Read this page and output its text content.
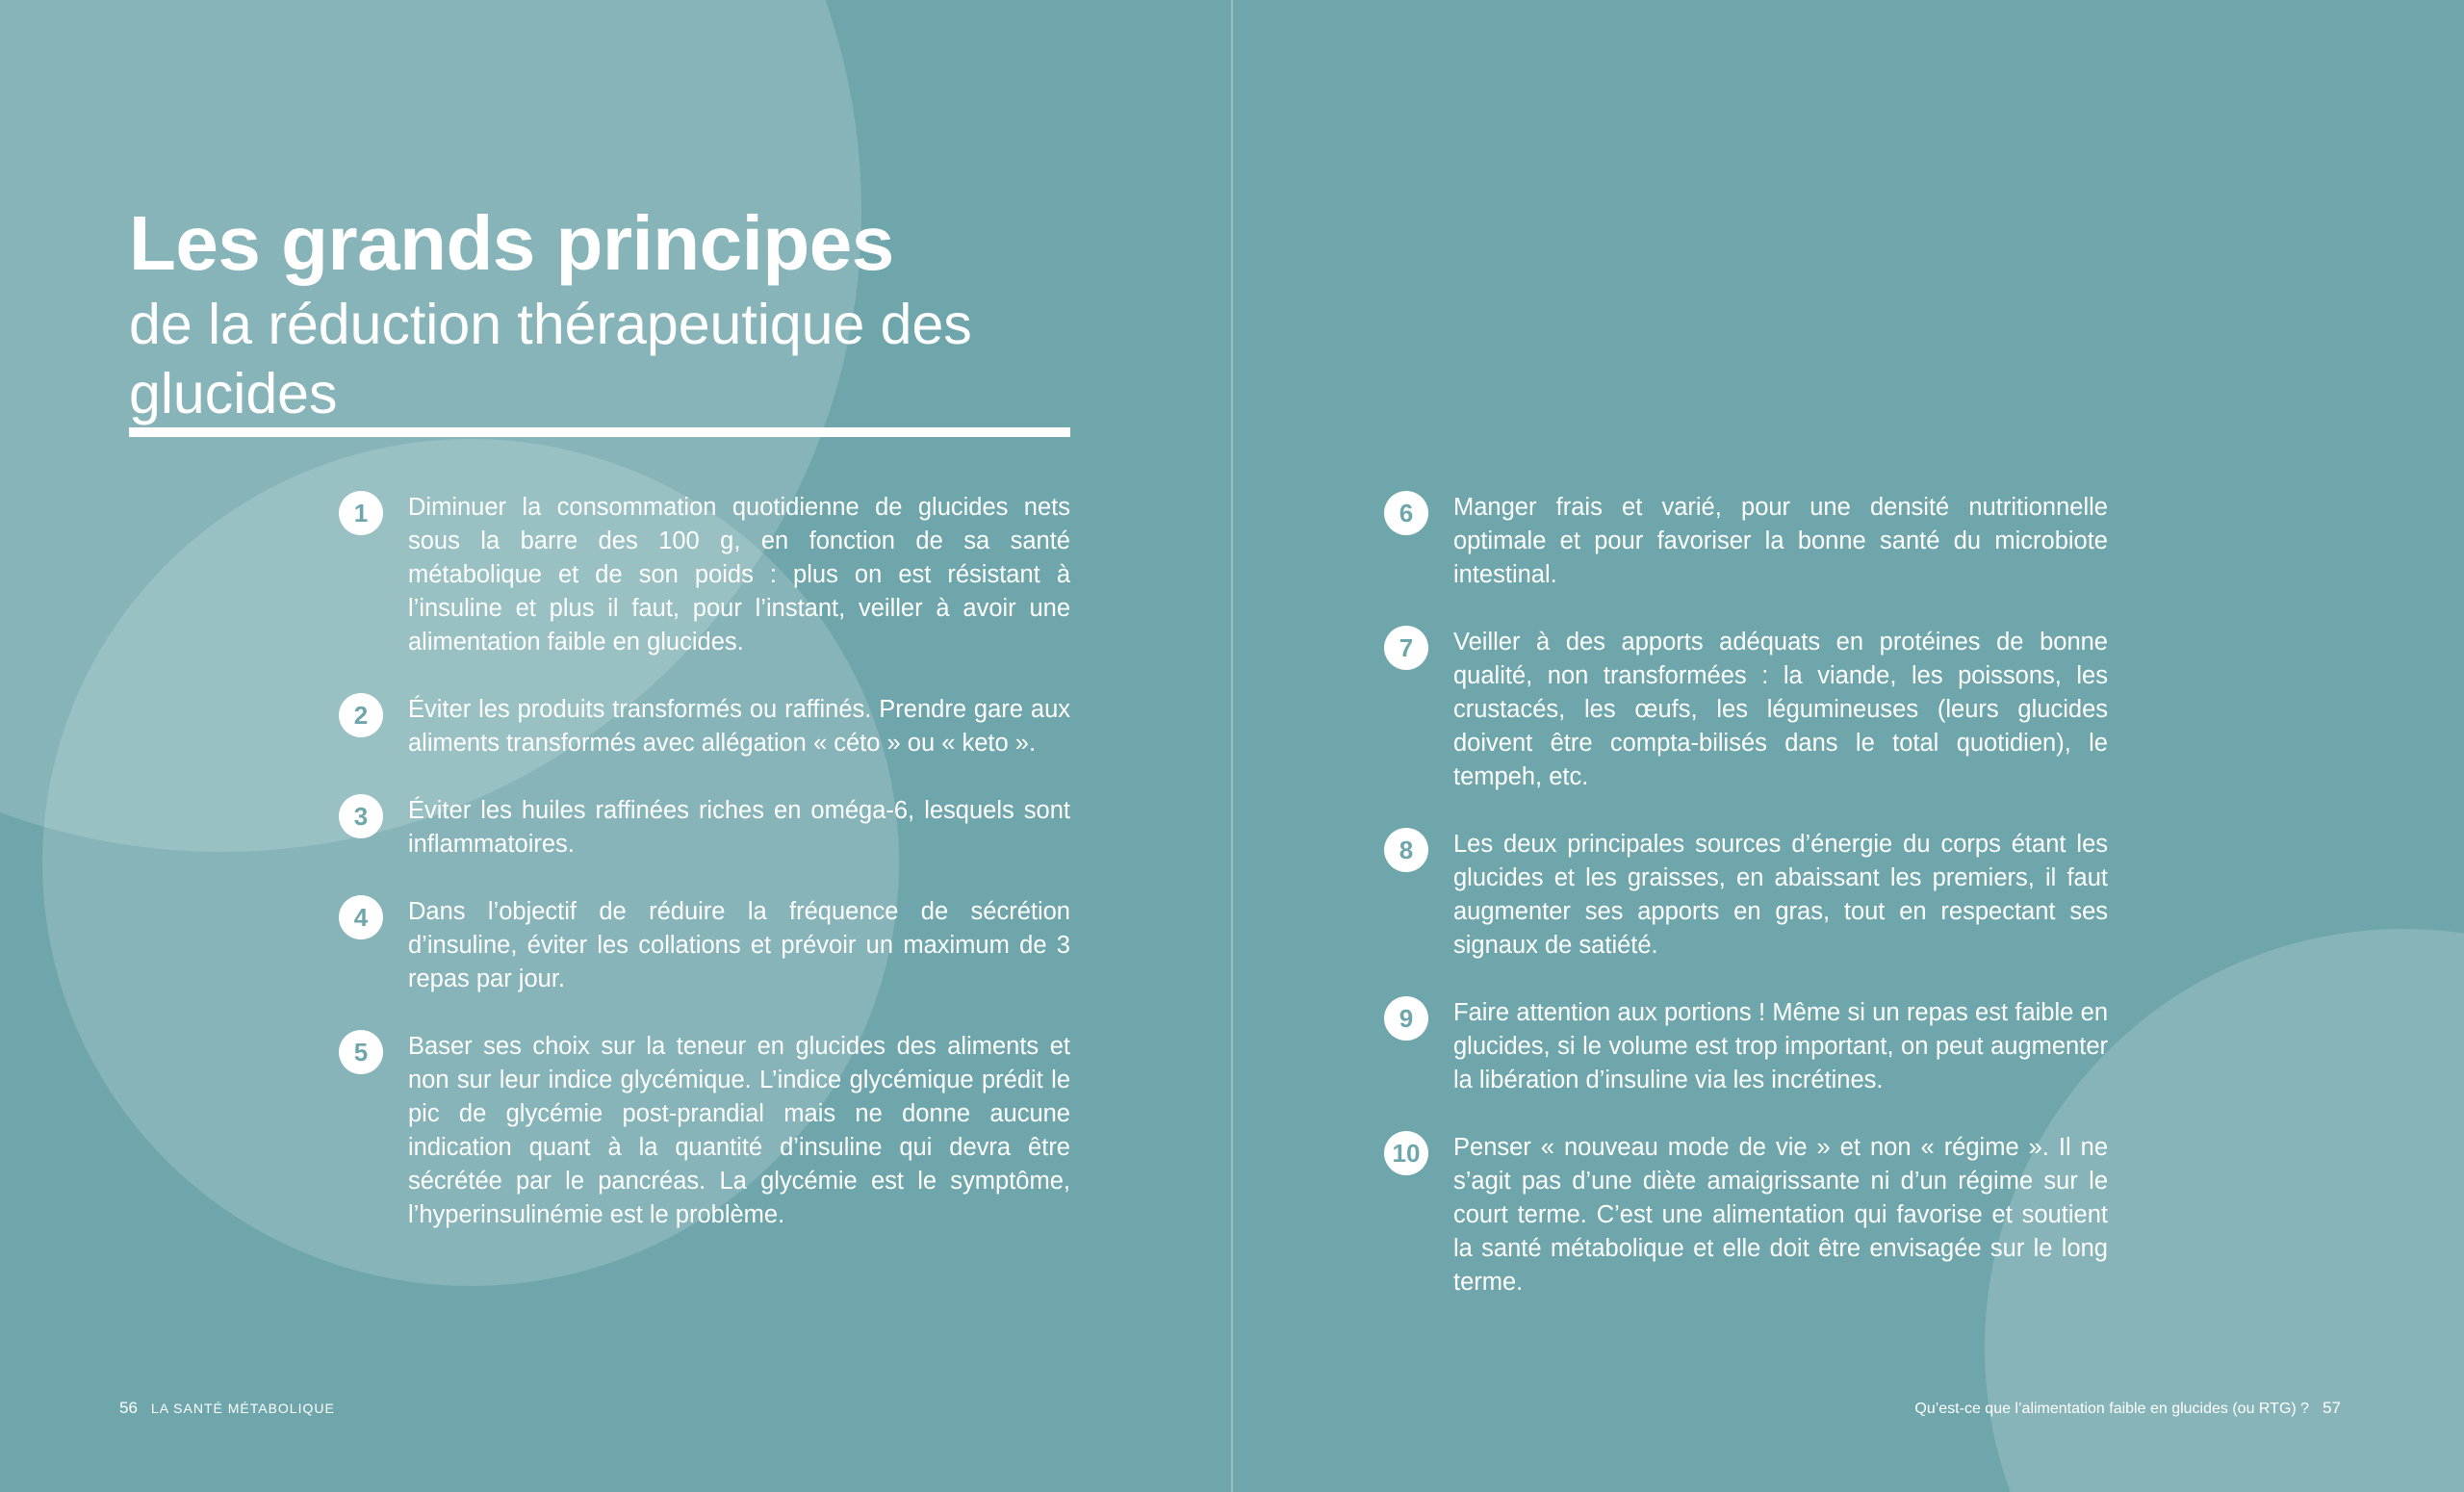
Les grands principes

de la réduction thérapeutique des glucides

1	Diminuer la consommation quotidienne de glucides nets sous la barre des 100 g, en fonction de sa santé métabolique et de son poids : plus on est résistant à l’insuline et plus il faut, pour l’instant, veiller à avoir une alimentation faible en glucides.
2	Éviter les produits transformés ou raffinés. Prendre gare aux aliments transformés avec allégation « céto » ou « keto ».
3	Éviter les huiles raffinées riches en oméga-6, lesquels sont inflammatoires.
4	Dans l’objectif de réduire la fréquence de sécrétion d’insuline, éviter les collations et prévoir un maximum de 3 repas par jour.
5	Baser ses choix sur la teneur en glucides des aliments et non sur leur indice glycémique. L’indice glycémique prédit le pic de glycémie post-prandial mais ne donne aucune indication quant à la quantité d’insuline qui devra être sécrétée par le pancréas. La glycémie est le symptôme, l’hyperinsulinémie est le problème.
6	Manger frais et varié, pour une densité nutritionnelle optimale et pour favoriser la bonne santé du microbiote intestinal.
7	Veiller à des apports adéquats en protéines de bonne qualité, non transformées : la viande, les poissons, les crustacés, les œufs, les légumineuses (leurs glucides doivent être compta-bilisés dans le total quotidien), le tempeh, etc.
8	Les deux principales sources d’énergie du corps étant les glucides et les graisses, en abaissant les premiers, il faut augmenter ses apports en gras, tout en respectant ses signaux de satiété.
9	Faire attention aux portions ! Même si un repas est faible en glucides, si le volume est trop important, on peut augmenter la libération d’insuline via les incrétines.
10	Penser « nouveau mode de vie » et non « régime ». Il ne s’agit pas d’une diète amaigrissante ni d’un régime sur le court terme. C’est une alimentation qui favorise et soutient la santé métabolique et elle doit être envisagée sur le long terme.
56 LA SANTÉ MÉTABOLIQUE	Qu’est-ce que l’alimentation faible en glucides (ou RTG) ? 57
